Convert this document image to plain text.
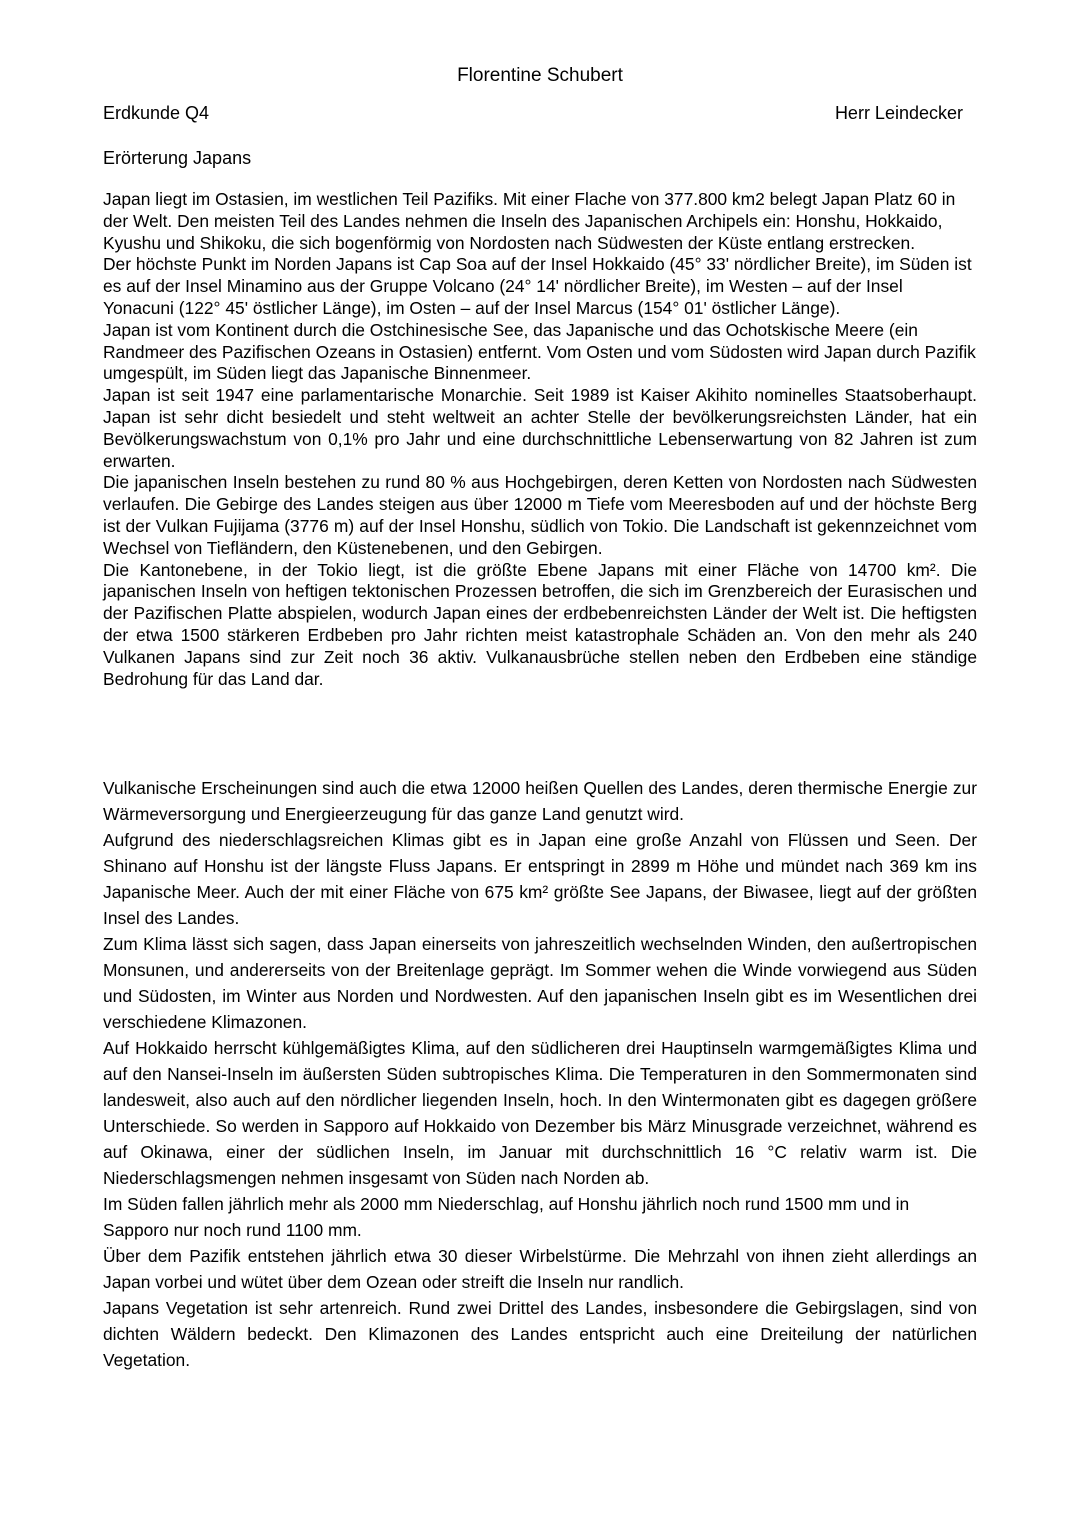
Florentine Schubert
Erdkunde Q4	Herr Leindecker
Erörterung Japans

Japan liegt im Ostasien, im westlichen Teil Pazifiks. Mit einer Flache von 377.800 km2 belegt Japan Platz 60 in der Welt. Den meisten Teil des Landes nehmen die Inseln des Japanischen Archipels ein: Honshu, Hokkaido, Kyushu und Shikoku, die sich bogenförmig von Nordosten nach Südwesten der Küste entlang erstrecken.

Der höchste Punkt im Norden Japans ist Cap Soa auf der Insel Hokkaido (45° 33' nördlicher Breite), im Süden ist es auf der Insel Minamino aus der Gruppe Volcano (24° 14' nördlicher Breite), im Westen – auf der Insel Yonacuni (122° 45' östlicher Länge), im Osten – auf der Insel Marcus (154° 01' östlicher Länge).

Japan ist vom Kontinent durch die Ostchinesische See, das Japanische und das Ochotskische Meere (ein Randmeer des Pazifischen Ozeans in Ostasien) entfernt. Vom Osten und vom Südosten wird Japan durch Pazifik umgespült, im Süden liegt das Japanische Binnenmeer.

Japan ist seit 1947 eine parlamentarische Monarchie. Seit 1989 ist Kaiser Akihito nominelles Staatsoberhaupt. Japan ist sehr dicht besiedelt und steht weltweit an achter Stelle der bevölkerungsreichsten Länder, hat ein Bevölkerungswachstum von 0,1% pro Jahr und eine durchschnittliche Lebenserwartung von 82 Jahren ist zum erwarten.

Die japanischen Inseln bestehen zu rund 80 % aus Hochgebirgen, deren Ketten von Nordosten nach Südwesten verlaufen. Die Gebirge des Landes steigen aus über 12000 m Tiefe vom Meeresboden auf und der höchste Berg ist der Vulkan Fujijama (3776 m) auf der Insel Honshu, südlich von Tokio. Die Landschaft ist gekennzeichnet vom Wechsel von Tiefländern, den Küstenebenen, und den Gebirgen.

Die Kantonebene, in der Tokio liegt, ist die größte Ebene Japans mit einer Fläche von 14700 km². Die japanischen Inseln von heftigen tektonischen Prozessen betroffen, die sich im Grenzbereich der Eurasischen und der Pazifischen Platte abspielen, wodurch Japan eines der erdbebenreichsten Länder der Welt ist. Die heftigsten der etwa 1500 stärkeren Erdbeben pro Jahr richten meist katastrophale Schäden an. Von den mehr als 240 Vulkanen Japans sind zur Zeit noch 36 aktiv. Vulkanausbrüche stellen neben den Erdbeben eine ständige Bedrohung für das Land dar.

Vulkanische Erscheinungen sind auch die etwa 12000 heißen Quellen des Landes, deren thermische Energie zur Wärmeversorgung und Energieerzeugung für das ganze Land genutzt wird.

Aufgrund des niederschlagsreichen Klimas gibt es in Japan eine große Anzahl von Flüssen und Seen. Der Shinano auf Honshu ist der längste Fluss Japans. Er entspringt in 2899 m Höhe und mündet nach 369 km ins Japanische Meer. Auch der mit einer Fläche von 675 km² größte See Japans, der Biwasee, liegt auf der größten Insel des Landes.

Zum Klima lässt sich sagen, dass Japan einerseits von jahreszeitlich wechselnden Winden, den außertropischen Monsunen, und andererseits von der Breitenlage geprägt. Im Sommer wehen die Winde vorwiegend aus Süden und Südosten, im Winter aus Norden und Nordwesten. Auf den japanischen Inseln gibt es im Wesentlichen drei verschiedene Klimazonen.

Auf Hokkaido herrscht kühlgemäßigtes Klima, auf den südlicheren drei Hauptinseln warmgemäßigtes Klima und auf den Nansei-Inseln im äußersten Süden subtropisches Klima. Die Temperaturen in den Sommermonaten sind landesweit, also auch auf den nördlicher liegenden Inseln, hoch. In den Wintermonaten gibt es dagegen größere Unterschiede. So werden in Sapporo auf Hokkaido von Dezember bis März Minusgrade verzeichnet, während es auf Okinawa, einer der südlichen Inseln, im Januar mit durchschnittlich 16 °C relativ warm ist. Die Niederschlagsmengen nehmen insgesamt von Süden nach Norden ab.

Im Süden fallen jährlich mehr als 2000 mm Niederschlag, auf Honshu jährlich noch rund 1500 mm und in Sapporo nur noch rund 1100 mm.

Über dem Pazifik entstehen jährlich etwa 30 dieser Wirbelstürme. Die Mehrzahl von ihnen zieht allerdings an Japan vorbei und wütet über dem Ozean oder streift die Inseln nur randlich.

Japans Vegetation ist sehr artenreich. Rund zwei Drittel des Landes, insbesondere die Gebirgslagen, sind von dichten Wäldern bedeckt. Den Klimazonen des Landes entspricht auch eine Dreiteilung der natürlichen Vegetation.
